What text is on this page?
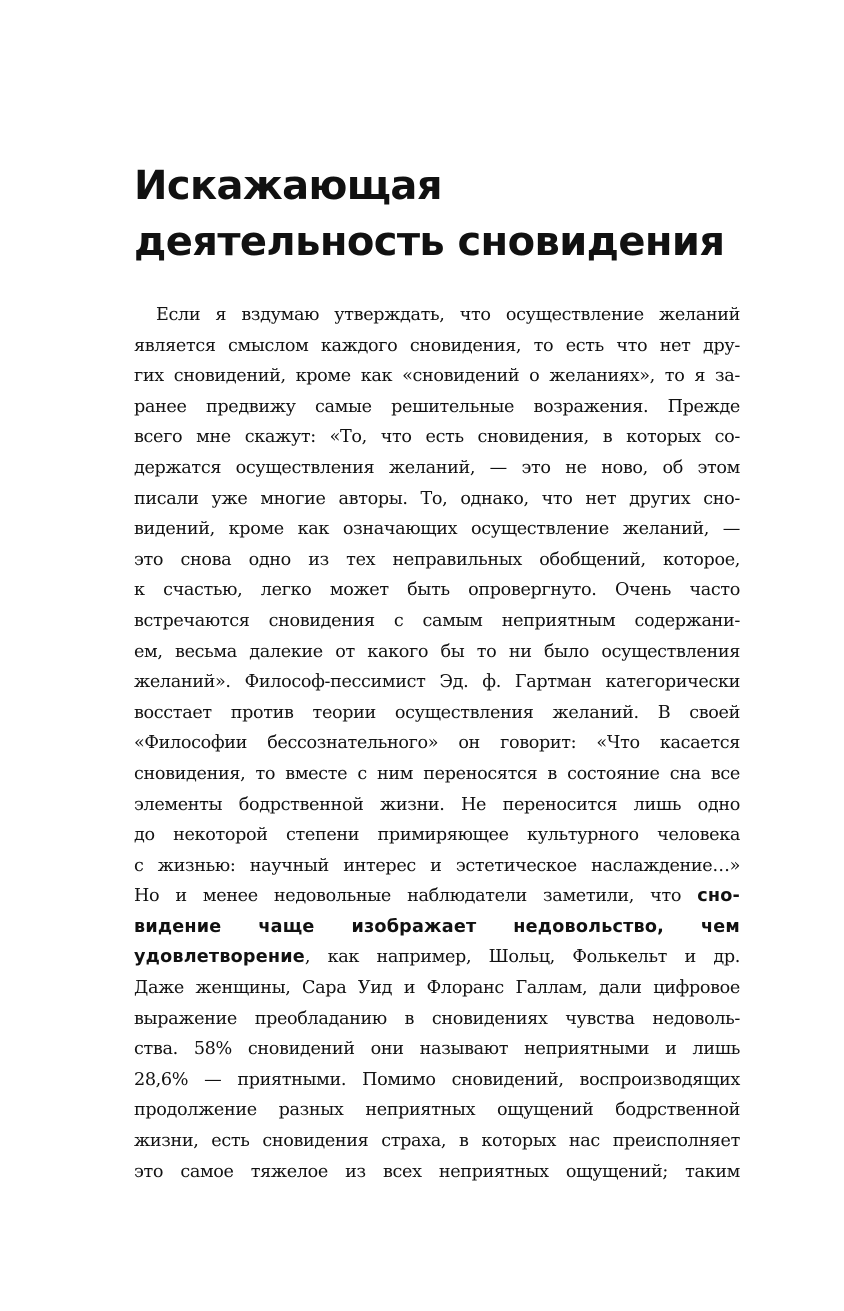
Искажающая
деятельность сновидения
Если я вздумаю утверждать, что осуществление желаний
является смыслом каждого сновидения, то есть что нет дру-
гих сновидений, кроме как «сновидений о желаниях», то я за-
ранее предвижу самые решительные возражения. Прежде
всего мне скажут: «То, что есть сновидения, в которых со-
держатся осуществления желаний, — это не ново, об этом
писали уже многие авторы. То, однако, что нет других сно-
видений, кроме как означающих осуществление желаний, —
это снова одно из тех неправильных обобщений, которое,
к счастью, легко может быть опровергнуто. Очень часто
встречаются сновидения с самым неприятным содержани-
ем, весьма далекие от какого бы то ни было осуществления
желаний». Философ-пессимист Эд. ф. Гартман категорически
восстает против теории осуществления желаний. В своей
«Философии бессознательного» он говорит: «Что касается
сновидения, то вместе с ним переносятся в состояние сна все
элементы бодрственной жизни. Не переносится лишь одно
до некоторой степени примиряющее культурного человека
с жизнью: научный интерес и эстетическое наслаждение…»
Но и менее недовольные наблюдатели заметили, что сно-
видение чаще изображает недовольство, чем
удовлетворение, как например, Шольц, Фолькельт и др.
Даже женщины, Сара Уид и Флоранс Галлам, дали цифровое
выражение преобладанию в сновидениях чувства недоволь-
ства. 58% сновидений они называют неприятными и лишь
28,6% — приятными. Помимо сновидений, воспроизводящих
продолжение разных неприятных ощущений бодрственной
жизни, есть сновидения страха, в которых нас преисполняет
это самое тяжелое из всех неприятных ощущений; таким
